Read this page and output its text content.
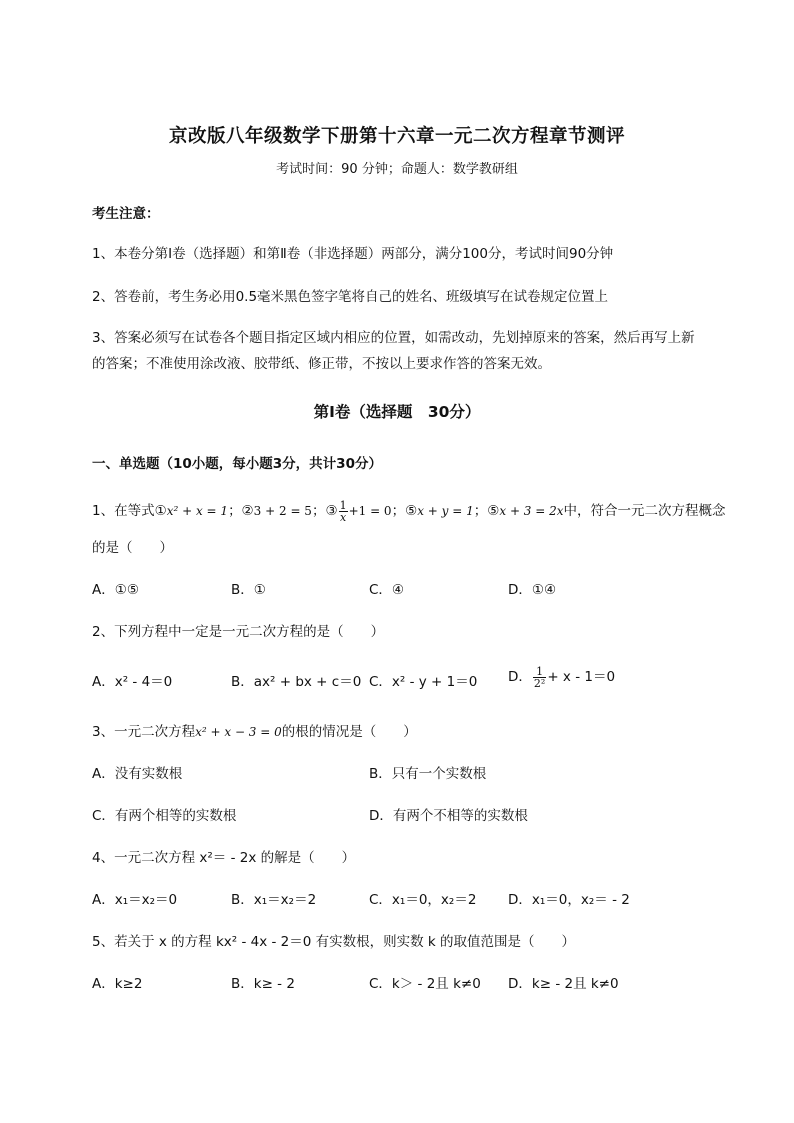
京改版八年级数学下册第十六章一元二次方程章节测评
考试时间：90 分钟；命题人：数学教研组
考生注意：
1、本卷分第Ⅰ卷（选择题）和第Ⅱ卷（非选择题）两部分，满分100分，考试时间90分钟
2、答卷前，考生务必用0.5毫米黑色签字笔将自己的姓名、班级填写在试卷规定位置上
3、答案必须写在试卷各个题目指定区域内相应的位置，如需改动，先划掉原来的答案，然后再写上新
的答案；不准使用涂改液、胶带纸、修正带，不按以上要求作答的答案无效。
第Ⅰ卷（选择题　30分）
一、单选题（10小题，每小题3分，共计30分）
1、在等式①x² + x = 1；②3 + 2 = 5；③ $\frac{1}{x} +1 = 0$；⑤x + y = 1；⑤x + 3 = 2x中，符合一元二次方程概念
的是（　　）
A．①⑤	B．①	C．④	D．①④
2、下列方程中一定是一元二次方程的是（　　）
A．x² - 4＝0	B．ax² + bx + c＝0 C．x² - y + 1＝0 D． $\frac{1}{\text{2²}} + x - 1=0$
3、一元二次方程x² + x − 3 = 0的根的情况是（　　）
A．没有实数根	B．只有一个实数根
C．有两个相等的实数根	D．有两个不相等的实数根
4、一元二次方程 x²＝ - 2x 的解是（　　）
A．x₁＝x₂＝0	B．x₁＝x₂＝2	C．x₁＝0，x₂＝2 D．x₁＝0，x₂＝ - 2
5、若关于 x 的方程 kx² - 4x - 2＝0 有实数根，则实数 k 的取值范围是（　　）
A．k≥2	B．k≥ - 2	C．k＞ - 2且 k≠0 D．k≥ - 2且 k≠0
